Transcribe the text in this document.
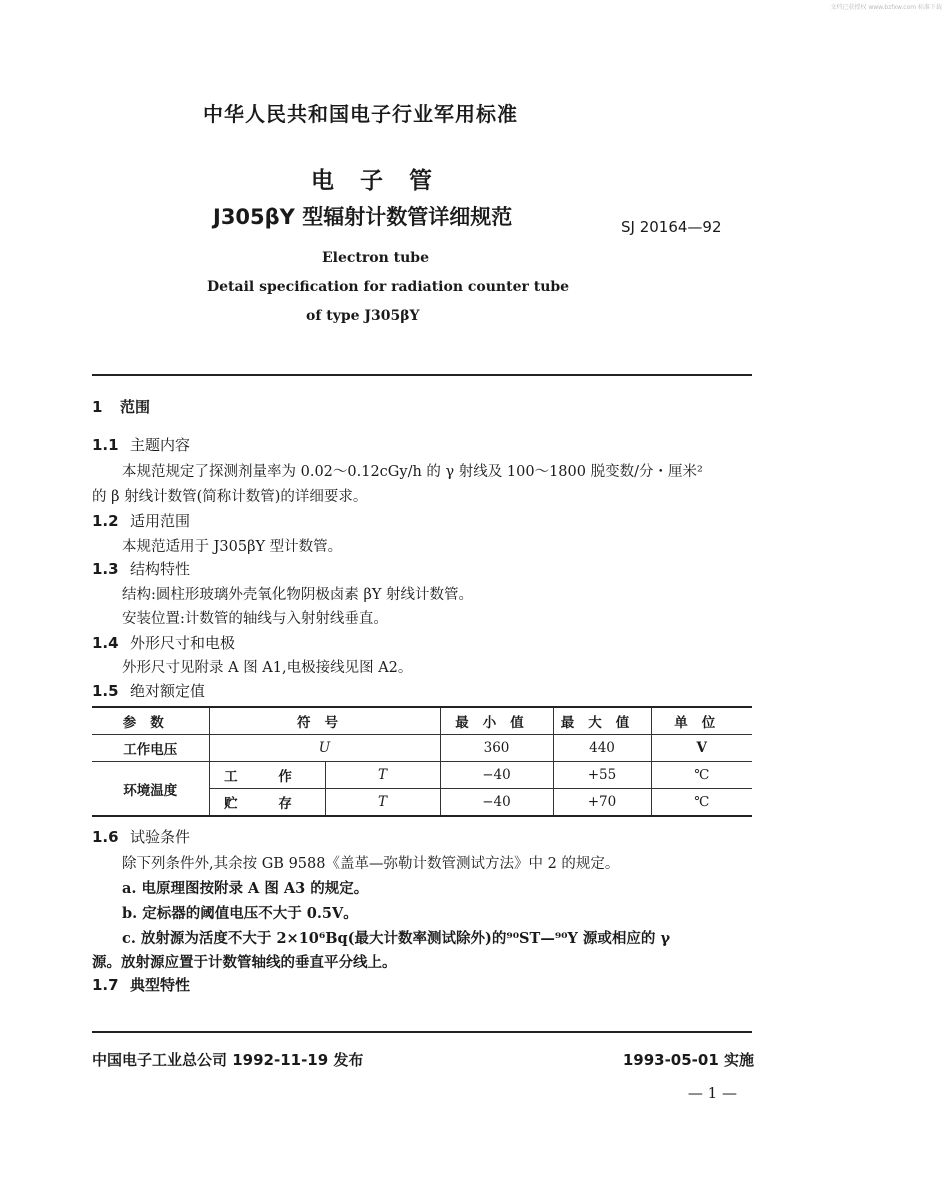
文档已获授权 www.bzfxw.com 标准下载
中华人民共和国电子行业军用标准
电子管
J305βY 型辐射计数管详细规范	SJ 20164—92
Electron tube
Detail specification for radiation counter tube
of type J305βY
1 范围
1.1 主题内容
本规范规定了探测剂量率为 0.02～0.12cGy/h 的 γ 射线及 100～1800 脱变数/分・厘米²
的 β 射线计数管(简称计数管)的详细要求。
1.2 适用范围
本规范适用于 J305βY 型计数管。
1.3 结构特性
结构:圆柱形玻璃外壳氧化物阴极卤素 βY 射线计数管。
安装位置:计数管的轴线与入射射线垂直。
1.4 外形尺寸和电极
外形尺寸见附录 A 图 A1,电极接线见图 A2。
1.5 绝对额定值
参数	符号		最小值	最大值	单位
工作电压	U		360	440	V
环境温度	工 作	T	−40	+55	℃
	贮 存	T	−40	+70	℃
1.6 试验条件
除下列条件外,其余按 GB 9588《盖革—弥勒计数管测试方法》中 2 的规定。
a. 电原理图按附录 A 图 A3 的规定。
b. 定标器的阈值电压不大于 0.5V。
c. 放射源为活度不大于 2×10⁶Bq(最大计数率测试除外)的⁹⁰ST—⁹⁰Y 源或相应的 γ
源。放射源应置于计数管轴线的垂直平分线上。
1.7 典型特性
中国电子工业总公司 1992-11-19 发布	1993-05-01 实施
— 1 —
